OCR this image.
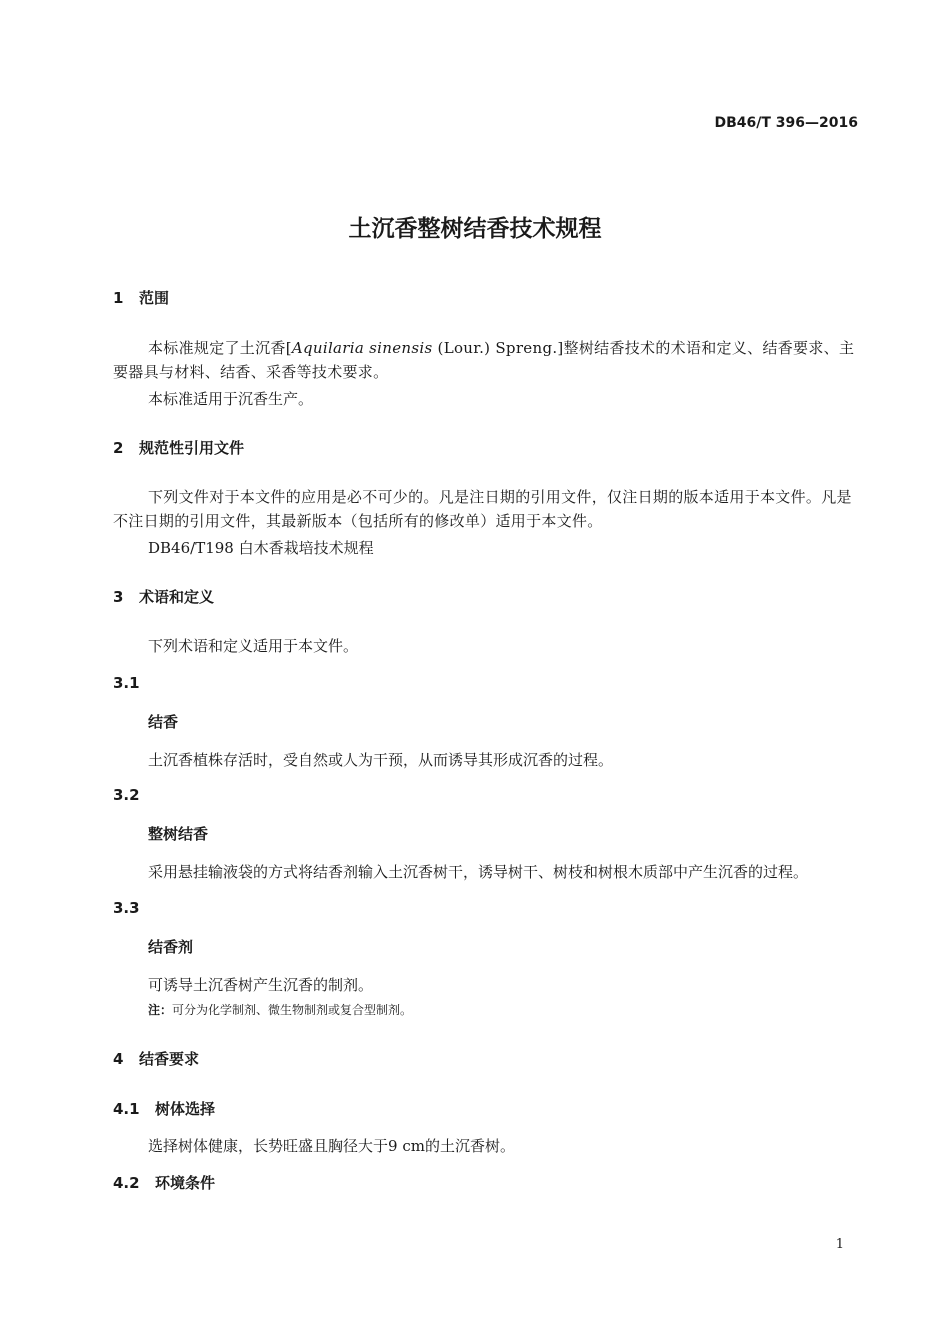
DB46/T 396—2016
土沉香整树结香技术规程
1 范围
本标准规定了土沉香[Aquilaria sinensis (Lour.) Spreng.]整树结香技术的术语和定义、结香要求、主要器具与材料、结香、采香等技术要求。
本标准适用于沉香生产。
2 规范性引用文件
下列文件对于本文件的应用是必不可少的。凡是注日期的引用文件，仅注日期的版本适用于本文件。凡是不注日期的引用文件，其最新版本（包括所有的修改单）适用于本文件。
DB46/T198 白木香栽培技术规程
3 术语和定义
下列术语和定义适用于本文件。
3.1
结香
土沉香植株存活时，受自然或人为干预，从而诱导其形成沉香的过程。
3.2
整树结香
采用悬挂输液袋的方式将结香剂输入土沉香树干，诱导树干、树枝和树根木质部中产生沉香的过程。
3.3
结香剂
可诱导土沉香树产生沉香的制剂。
注：可分为化学制剂、微生物制剂或复合型制剂。
4 结香要求
4.1 树体选择
选择树体健康，长势旺盛且胸径大于9 cm的土沉香树。
4.2 环境条件
1
